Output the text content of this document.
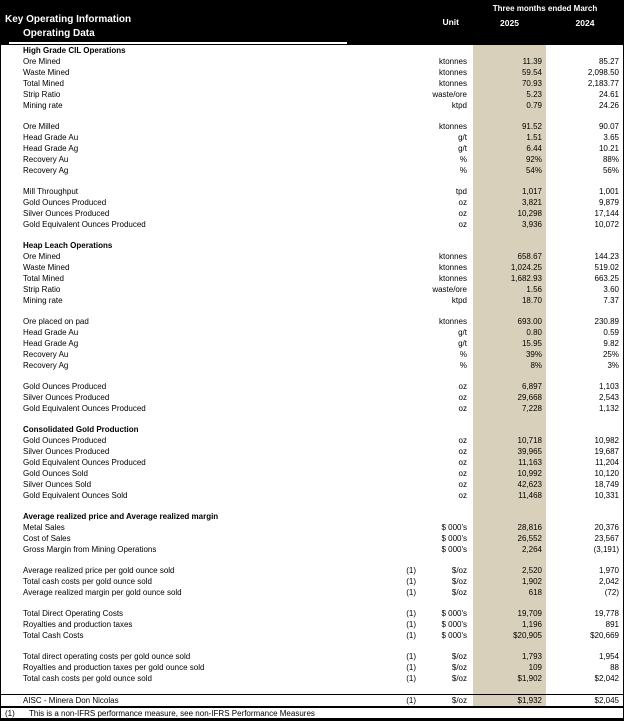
Key Operating Information
Operating Data
Three months ended March
Unit	2025	2024
High Grade CIL Operations
Ore Mined	ktonnes	11.39	85.27
Waste Mined	ktonnes	59.54	2,098.50
Total Mined	ktonnes	70.93	2,183.77
Strip Ratio	waste/ore	5.23	24.61
Mining rate	ktpd	0.79	24.26
Ore Milled	ktonnes	91.52	90.07
Head Grade Au	g/t	1.51	3.65
Head Grade Ag	g/t	6.44	10.21
Recovery Au	%	92%	88%
Recovery Ag	%	54%	56%
Mill Throughput	tpd	1,017	1,001
Gold Ounces Produced	oz	3,821	9,879
Silver Ounces Produced	oz	10,298	17,144
Gold Equivalent Ounces Produced	oz	3,936	10,072
Heap Leach Operations
Ore Mined	ktonnes	658.67	144.23
Waste Mined	ktonnes	1,024.25	519.02
Total Mined	ktonnes	1,682.93	663.25
Strip Ratio	waste/ore	1.56	3.60
Mining rate	ktpd	18.70	7.37
Ore placed on pad	ktonnes	693.00	230.89
Head Grade Au	g/t	0.80	0.59
Head Grade Ag	g/t	15.95	9.82
Recovery Au	%	39%	25%
Recovery Ag	%	8%	3%
Gold Ounces Produced	oz	6,897	1,103
Silver Ounces Produced	oz	29,668	2,543
Gold Equivalent Ounces Produced	oz	7,228	1,132
Consolidated Gold Production
Gold Ounces Produced	oz	10,718	10,982
Silver Ounces Produced	oz	39,965	19,687
Gold Equivalent Ounces Produced	oz	11,163	11,204
Gold Ounces Sold	oz	10,992	10,120
Silver Ounces Sold	oz	42,623	18,749
Gold Equivalent Ounces Sold	oz	11,468	10,331
Average realized price and Average realized margin
Metal Sales	$ 000's	28,816	20,376
Cost of Sales	$ 000's	26,552	23,567
Gross Margin from Mining Operations	$ 000's	2,264	(3,191)
Average realized price per gold ounce sold	(1)	$/oz	2,520	1,970
Total cash costs per gold ounce sold	(1)	$/oz	1,902	2,042
Average realized margin per gold ounce sold	(1)	$/oz	618	(72)
Total Direct Operating Costs	(1)	$ 000's	19,709	19,778
Royalties and production taxes	(1)	$ 000's	1,196	891
Total Cash Costs	(1)	$ 000's	$20,905	$20,669
Total direct operating costs per gold ounce sold	(1)	$/oz	1,793	1,954
Royalties and production taxes per gold ounce sold	(1)	$/oz	109	88
Total cash costs per gold ounce sold	(1)	$/oz	$1,902	$2,042
AISC - Minera Don Nicolas	(1)	$/oz	$1,932	$2,045
(1)	This is a non-IFRS performance measure, see non-IFRS Performance Measures
